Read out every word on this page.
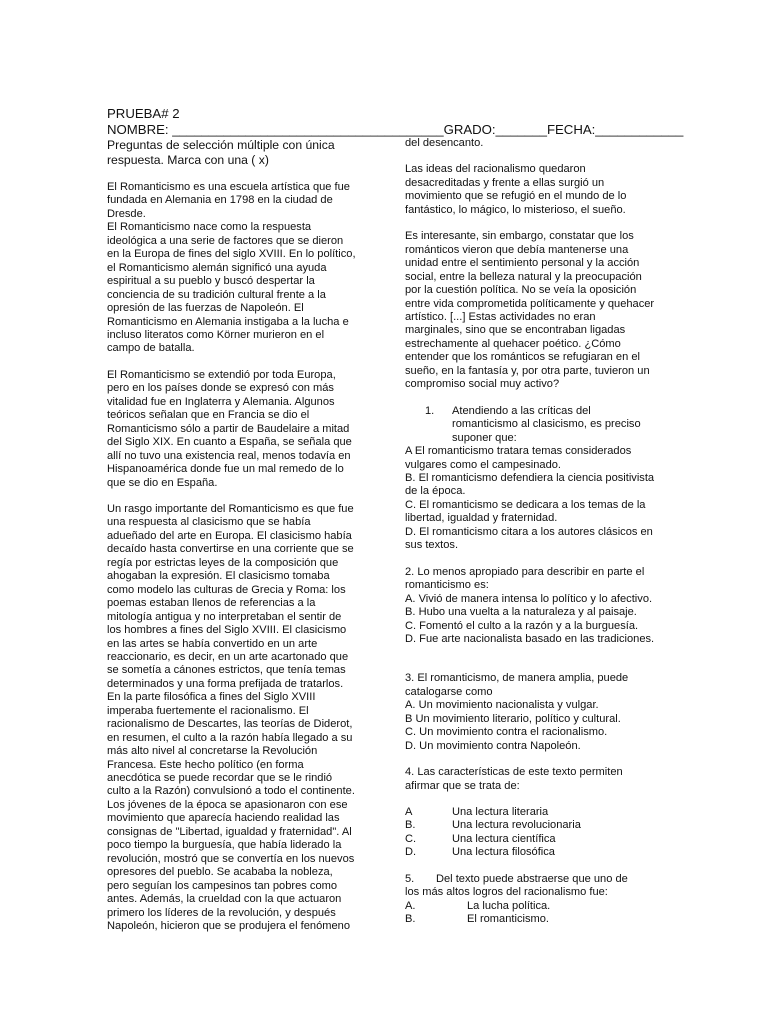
PRUEBA# 2
NOMBRE: _____________________________________GRADO:_______FECHA:____________
Preguntas de selección múltiple con única
respuesta. Marca con una ( x)
El Romanticismo es una escuela artística que fue
fundada en Alemania en 1798 en la ciudad de
Dresde.
El Romanticismo nace como la respuesta
ideológica a una serie de factores que se dieron
en la Europa de fines del siglo XVIII. En lo político,
el Romanticismo alemán significó una ayuda
espiritual a su pueblo y buscó despertar la
conciencia de su tradición cultural frente a la
opresión de las fuerzas de Napoleón. El
Romanticismo en Alemania instigaba a la lucha e
incluso literatos como Körner murieron en el
campo de batalla.
El Romanticismo se extendió por toda Europa,
pero en los países donde se expresó con más
vitalidad fue en Inglaterra y Alemania. Algunos
teóricos señalan que en Francia se dio el
Romanticismo sólo a partir de Baudelaire a mitad
del Siglo XIX. En cuanto a España, se señala que
allí no tuvo una existencia real, menos todavía en
Hispanoamérica donde fue un mal remedo de lo
que se dio en España.
Un rasgo importante del Romanticismo es que fue
una respuesta al clasicismo que se había
adueñado del arte en Europa. El clasicismo había
decaído hasta convertirse en una corriente que se
regía por estrictas leyes de la composición que
ahogaban la expresión. El clasicismo tomaba
como modelo las culturas de Grecia y Roma: los
poemas estaban llenos de referencias a la
mitología antigua y no interpretaban el sentir de
los hombres a fines del Siglo XVIII. El clasicismo
en las artes se había convertido en un arte
reaccionario, es decir, en un arte acartonado que
se sometía a cánones estrictos, que tenía temas
determinados y una forma prefijada de tratarlos.
En la parte filosófica a fines del Siglo XVIII
imperaba fuertemente el racionalismo. El
racionalismo de Descartes, las teorías de Diderot,
en resumen, el culto a la razón había llegado a su
más alto nivel al concretarse la Revolución
Francesa. Este hecho político (en forma
anecdótica se puede recordar que se le rindió
culto a la Razón) convulsionó a todo el continente.
Los jóvenes de la época se apasionaron con ese
movimiento que aparecía haciendo realidad las
consignas de "Libertad, igualdad y fraternidad". Al
poco tiempo la burguesía, que había liderado la
revolución, mostró que se convertía en los nuevos
opresores del pueblo. Se acababa la nobleza,
pero seguían los campesinos tan pobres como
antes. Además, la crueldad con la que actuaron
primero los líderes de la revolución, y después
Napoleón, hicieron que se produjera el fenómeno
del desencanto.
Las ideas del racionalismo quedaron
desacreditadas y frente a ellas surgió un
movimiento que se refugió en el mundo de lo
fantástico, lo mágico, lo misterioso, el sueño.
Es interesante, sin embargo, constatar que los
románticos vieron que debía mantenerse una
unidad entre el sentimiento personal y la acción
social, entre la belleza natural y la preocupación
por la cuestión política. No se veía la oposición
entre vida comprometida políticamente y quehacer
artístico. [...] Estas actividades no eran
marginales, sino que se encontraban ligadas
estrechamente al quehacer poético. ¿Cómo
entender que los románticos se refugiaran en el
sueño, en la fantasía y, por otra parte, tuvieron un
compromiso social muy activo?
1. Atendiendo a las críticas del
romanticismo al clasicismo, es preciso
suponer que:
A El romanticismo tratara temas considerados
vulgares como el campesinado.
B. El romanticismo defendiera la ciencia positivista
de la época.
C. El romanticismo se dedicara a los temas de la
libertad, igualdad y fraternidad.
D. El romanticismo citara a los autores clásicos en
sus textos.
2. Lo menos apropiado para describir en parte el
romanticismo es:
A. Vivió de manera intensa lo político y lo afectivo.
B. Hubo una vuelta a la naturaleza y al paisaje.
C. Fomentó el culto a la razón y a la burguesía.
D. Fue arte nacionalista basado en las tradiciones.
3. El romanticismo, de manera amplia, puede
catalogarse como
A. Un movimiento nacionalista y vulgar.
B Un movimiento literario, político y cultural.
C. Un movimiento contra el racionalismo.
D. Un movimiento contra Napoleón.
4. Las características de este texto permiten
afirmar que se trata de:
A	Una lectura literaria
B.	Una lectura revolucionaria
C.	Una lectura científica
D.	Una lectura filosófica
5. Del texto puede abstraerse que uno de
los más altos logros del racionalismo fue:
A.	La lucha política.
B.	El romanticismo.
